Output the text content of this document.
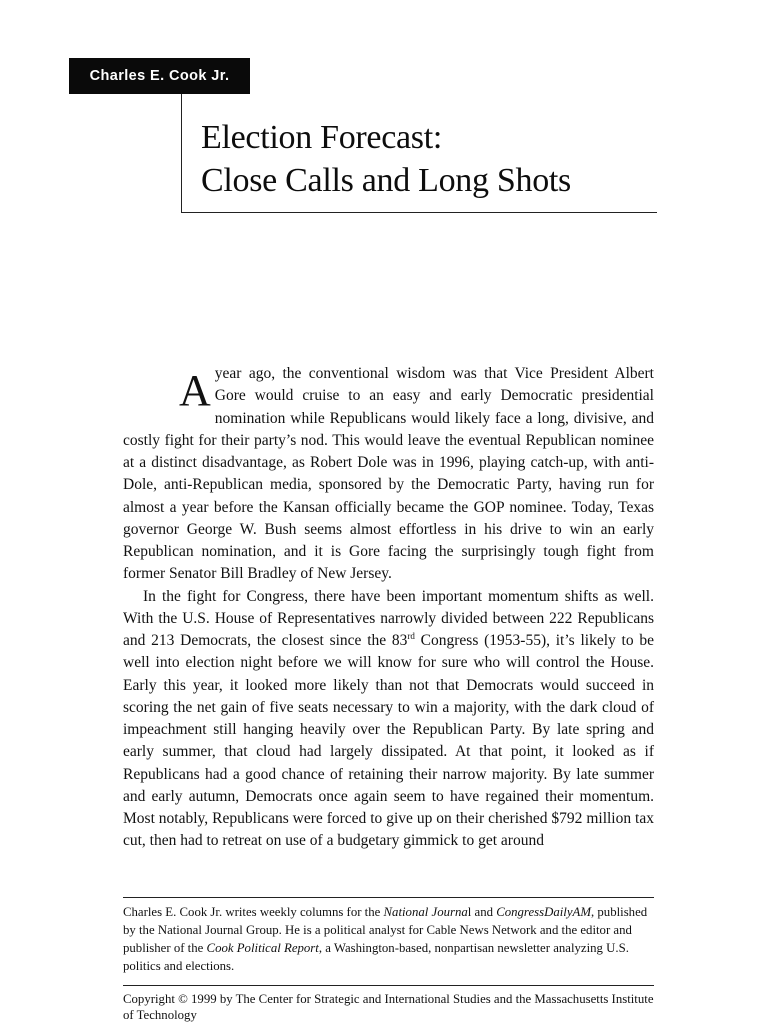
Charles E. Cook Jr.
Election Forecast:
Close Calls and Long Shots

A year ago, the conventional wisdom was that Vice President Albert Gore would cruise to an easy and early Democratic presidential nomination while Republicans would likely face a long, divisive, and costly fight for their party’s nod. This would leave the eventual Republican nominee at a distinct disadvantage, as Robert Dole was in 1996, playing catch-up, with anti-Dole, anti-Republican media, sponsored by the Democratic Party, having run for almost a year before the Kansan officially became the GOP nominee. Today, Texas governor George W. Bush seems almost effortless in his drive to win an early Republican nomination, and it is Gore facing the surprisingly tough fight from former Senator Bill Bradley of New Jersey.

In the fight for Congress, there have been important momentum shifts as well. With the U.S. House of Representatives narrowly divided between 222 Republicans and 213 Democrats, the closest since the 83rd Congress (1953-55), it’s likely to be well into election night before we will know for sure who will control the House. Early this year, it looked more likely than not that Democrats would succeed in scoring the net gain of five seats necessary to win a majority, with the dark cloud of impeachment still hanging heavily over the Republican Party. By late spring and early summer, that cloud had largely dissipated. At that point, it looked as if Republicans had a good chance of retaining their narrow majority. By late summer and early autumn, Democrats once again seem to have regained their momentum. Most notably, Republicans were forced to give up on their cherished $792 million tax cut, then had to retreat on use of a budgetary gimmick to get around

Charles E. Cook Jr. writes weekly columns for the National Journal and CongressDailyAM, published by the National Journal Group. He is a political analyst for Cable News Network and the editor and publisher of the Cook Political Report, a Washington-based, nonpartisan newsletter analyzing U.S. politics and elections.

Copyright © 1999 by The Center for Strategic and International Studies and the Massachusetts Institute of Technology
